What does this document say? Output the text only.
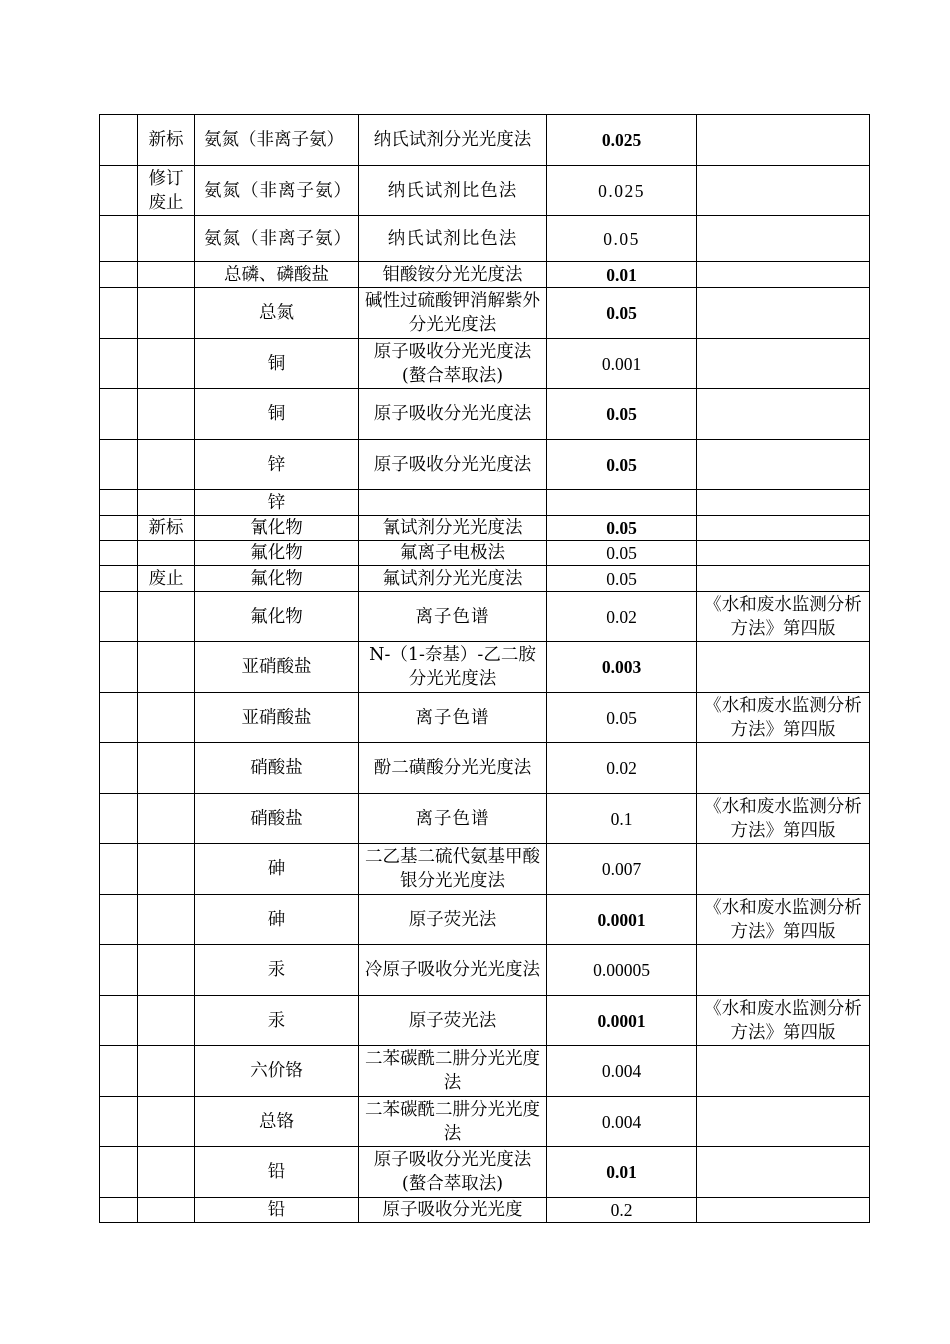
	新标	氨氮（非离子氨）	纳氏试剂分光光度法	0.025	
	修订废止	氨氮（非离子氨）	纳氏试剂比色法	0.025	
		氨氮（非离子氨）	纳氏试剂比色法	0.05	
		总磷、磷酸盐	钼酸铵分光光度法	0.01	
		总氮	碱性过硫酸钾消解紫外分光光度法	0.05	
		铜	原子吸收分光光度法(螯合萃取法)	0.001	
		铜	原子吸收分光光度法	0.05	
		锌	原子吸收分光光度法	0.05	
		锌			
	新标	氰化物	氰试剂分光光度法	0.05	
		氟化物	氟离子电极法	0.05	
	废止	氟化物	氟试剂分光光度法	0.05	
		氟化物	离子色谱	0.02	《水和废水监测分析方法》第四版
		亚硝酸盐	N-（1-奈基）-乙二胺分光光度法	0.003	
		亚硝酸盐	离子色谱	0.05	《水和废水监测分析方法》第四版
		硝酸盐	酚二磺酸分光光度法	0.02	
		硝酸盐	离子色谱	0.1	《水和废水监测分析方法》第四版
		砷	二乙基二硫代氨基甲酸银分光光度法	0.007	
		砷	原子荧光法	0.0001	《水和废水监测分析方法》第四版
		汞	冷原子吸收分光光度法	0.00005	
		汞	原子荧光法	0.0001	《水和废水监测分析方法》第四版
		六价铬	二苯碳酰二肼分光光度法	0.004	
		总铬	二苯碳酰二肼分光光度法	0.004	
		铅	原子吸收分光光度法(螯合萃取法)	0.01	
		铅	原子吸收分光光度	0.2	
